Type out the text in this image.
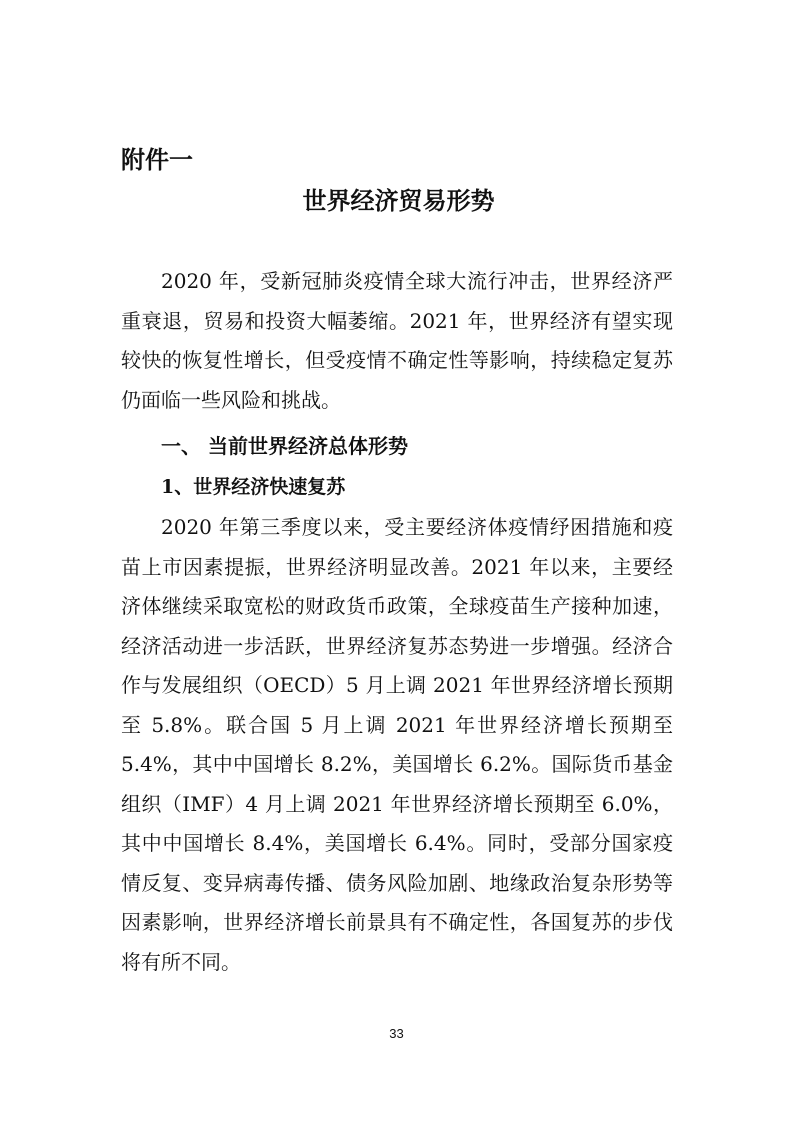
附件一

世界经济贸易形势

2020 年，受新冠肺炎疫情全球大流行冲击，世界经济严重衰退，贸易和投资大幅萎缩。2021 年，世界经济有望实现较快的恢复性增长，但受疫情不确定性等影响，持续稳定复苏仍面临一些风险和挑战。

一、 当前世界经济总体形势
1、世界经济快速复苏

2020 年第三季度以来，受主要经济体疫情纾困措施和疫苗上市因素提振，世界经济明显改善。2021 年以来，主要经济体继续采取宽松的财政货币政策，全球疫苗生产接种加速，经济活动进一步活跃，世界经济复苏态势进一步增强。经济合作与发展组织（OECD）5 月上调 2021 年世界经济增长预期至 5.8%。联合国 5 月上调 2021 年世界经济增长预期至 5.4%，其中中国增长 8.2%，美国增长 6.2%。国际货币基金组织（IMF）4 月上调 2021 年世界经济增长预期至 6.0%，其中中国增长 8.4%，美国增长 6.4%。同时，受部分国家疫情反复、变异病毒传播、债务风险加剧、地缘政治复杂形势等因素影响，世界经济增长前景具有不确定性，各国复苏的步伐将有所不同。

33
